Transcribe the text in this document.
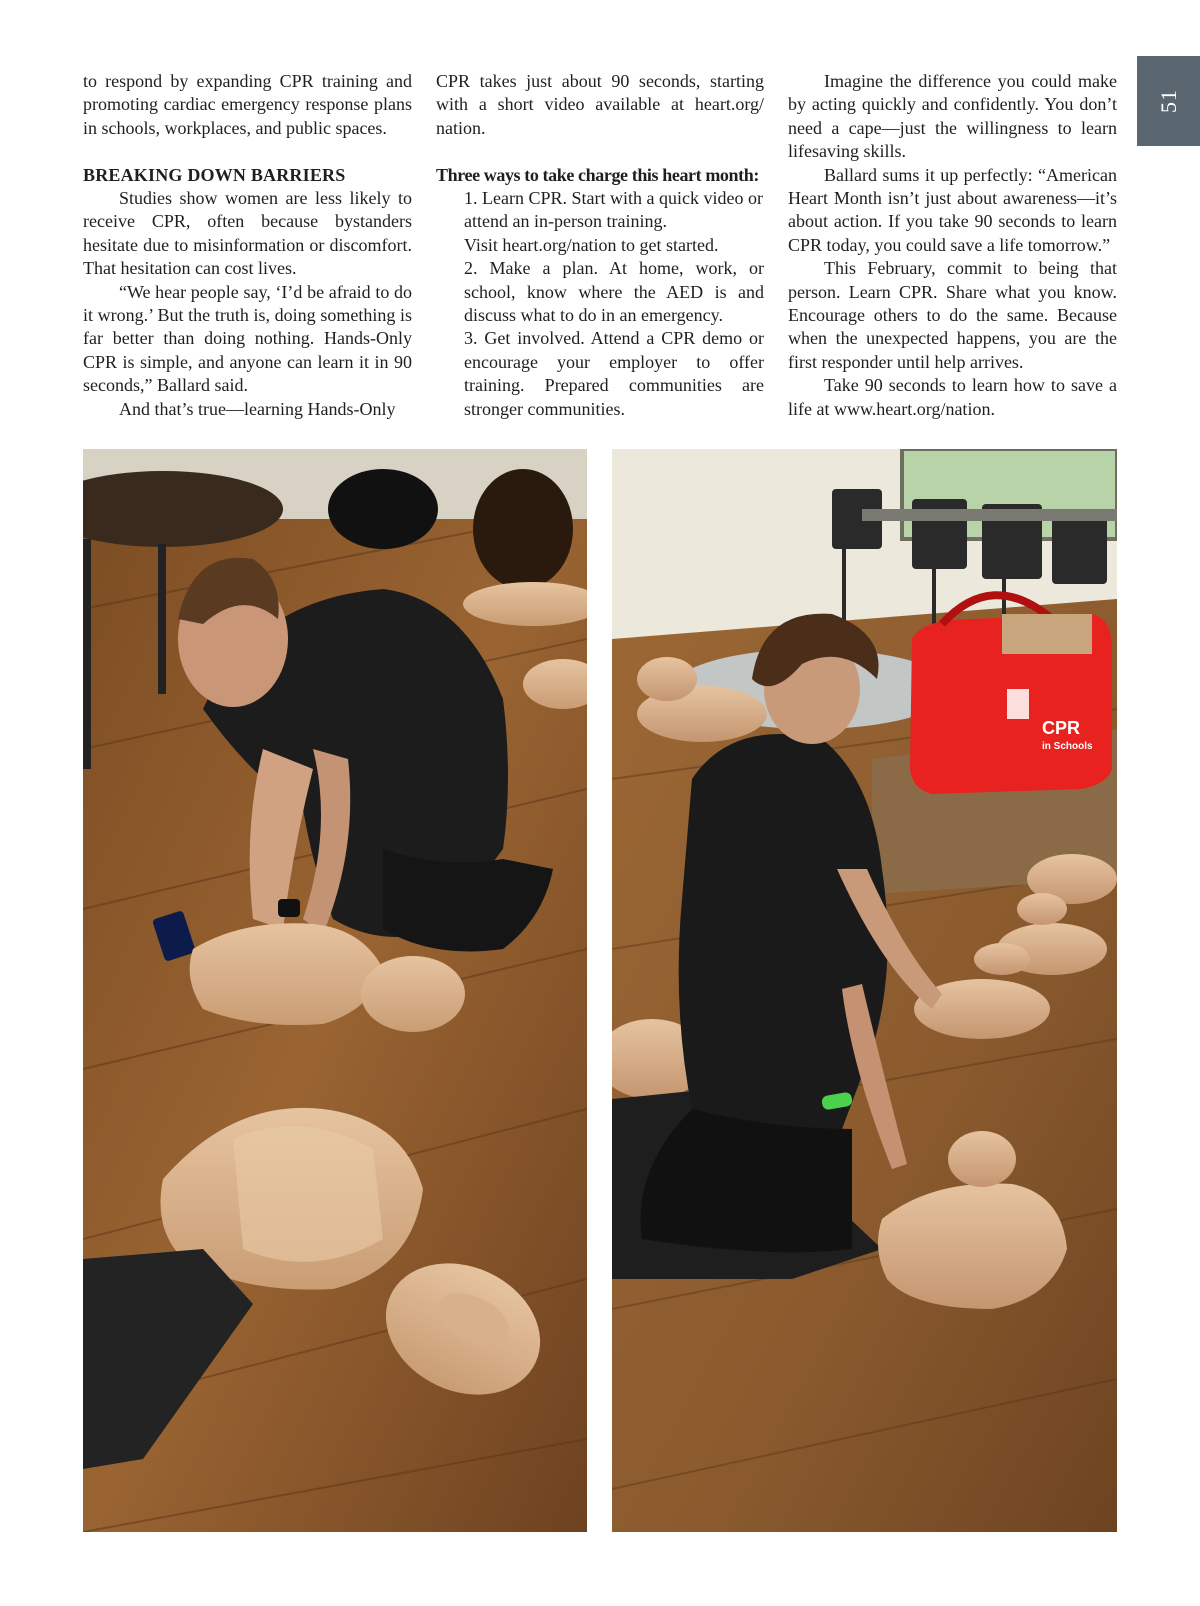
51

to respond by expanding CPR training and promoting cardiac emergency response plans in schools, workplaces, and public spaces.

BREAKING DOWN BARRIERS

Studies show women are less likely to receive CPR, often because bystanders hesitate due to misinformation or discomfort. That hesitation can cost lives.

“We hear people say, ‘I’d be afraid to do it wrong.’ But the truth is, doing something is far better than doing nothing. Hands-Only CPR is simple, and anyone can learn it in 90 seconds,” Ballard said.

And that’s true—learning Hands-Only

CPR takes just about 90 seconds, starting with a short video available at heart.org/ nation.

Three ways to take charge this heart month:

1. Learn CPR. Start with a quick video or attend an in-person training.

Visit heart.org/nation to get started.

2. Make a plan. At home, work, or school, know where the AED is and discuss what to do in an emergency.

3. Get involved. Attend a CPR demo or encourage your employer to offer training. Prepared communities are stronger communities.

Imagine the difference you could make by acting quickly and confidently. You don’t need a cape—just the willingness to learn lifesaving skills.

Ballard sums it up perfectly: “American Heart Month isn’t just about awareness—it’s about action. If you take 90 seconds to learn CPR today, you could save a life tomorrow.”

This February, commit to being that person. Learn CPR. Share what you know. Encourage others to do the same. Because when the unexpected happens, you are the first responder until help arrives.

Take 90 seconds to learn how to save a life at www.heart.org/nation.

CPR
in Schools
